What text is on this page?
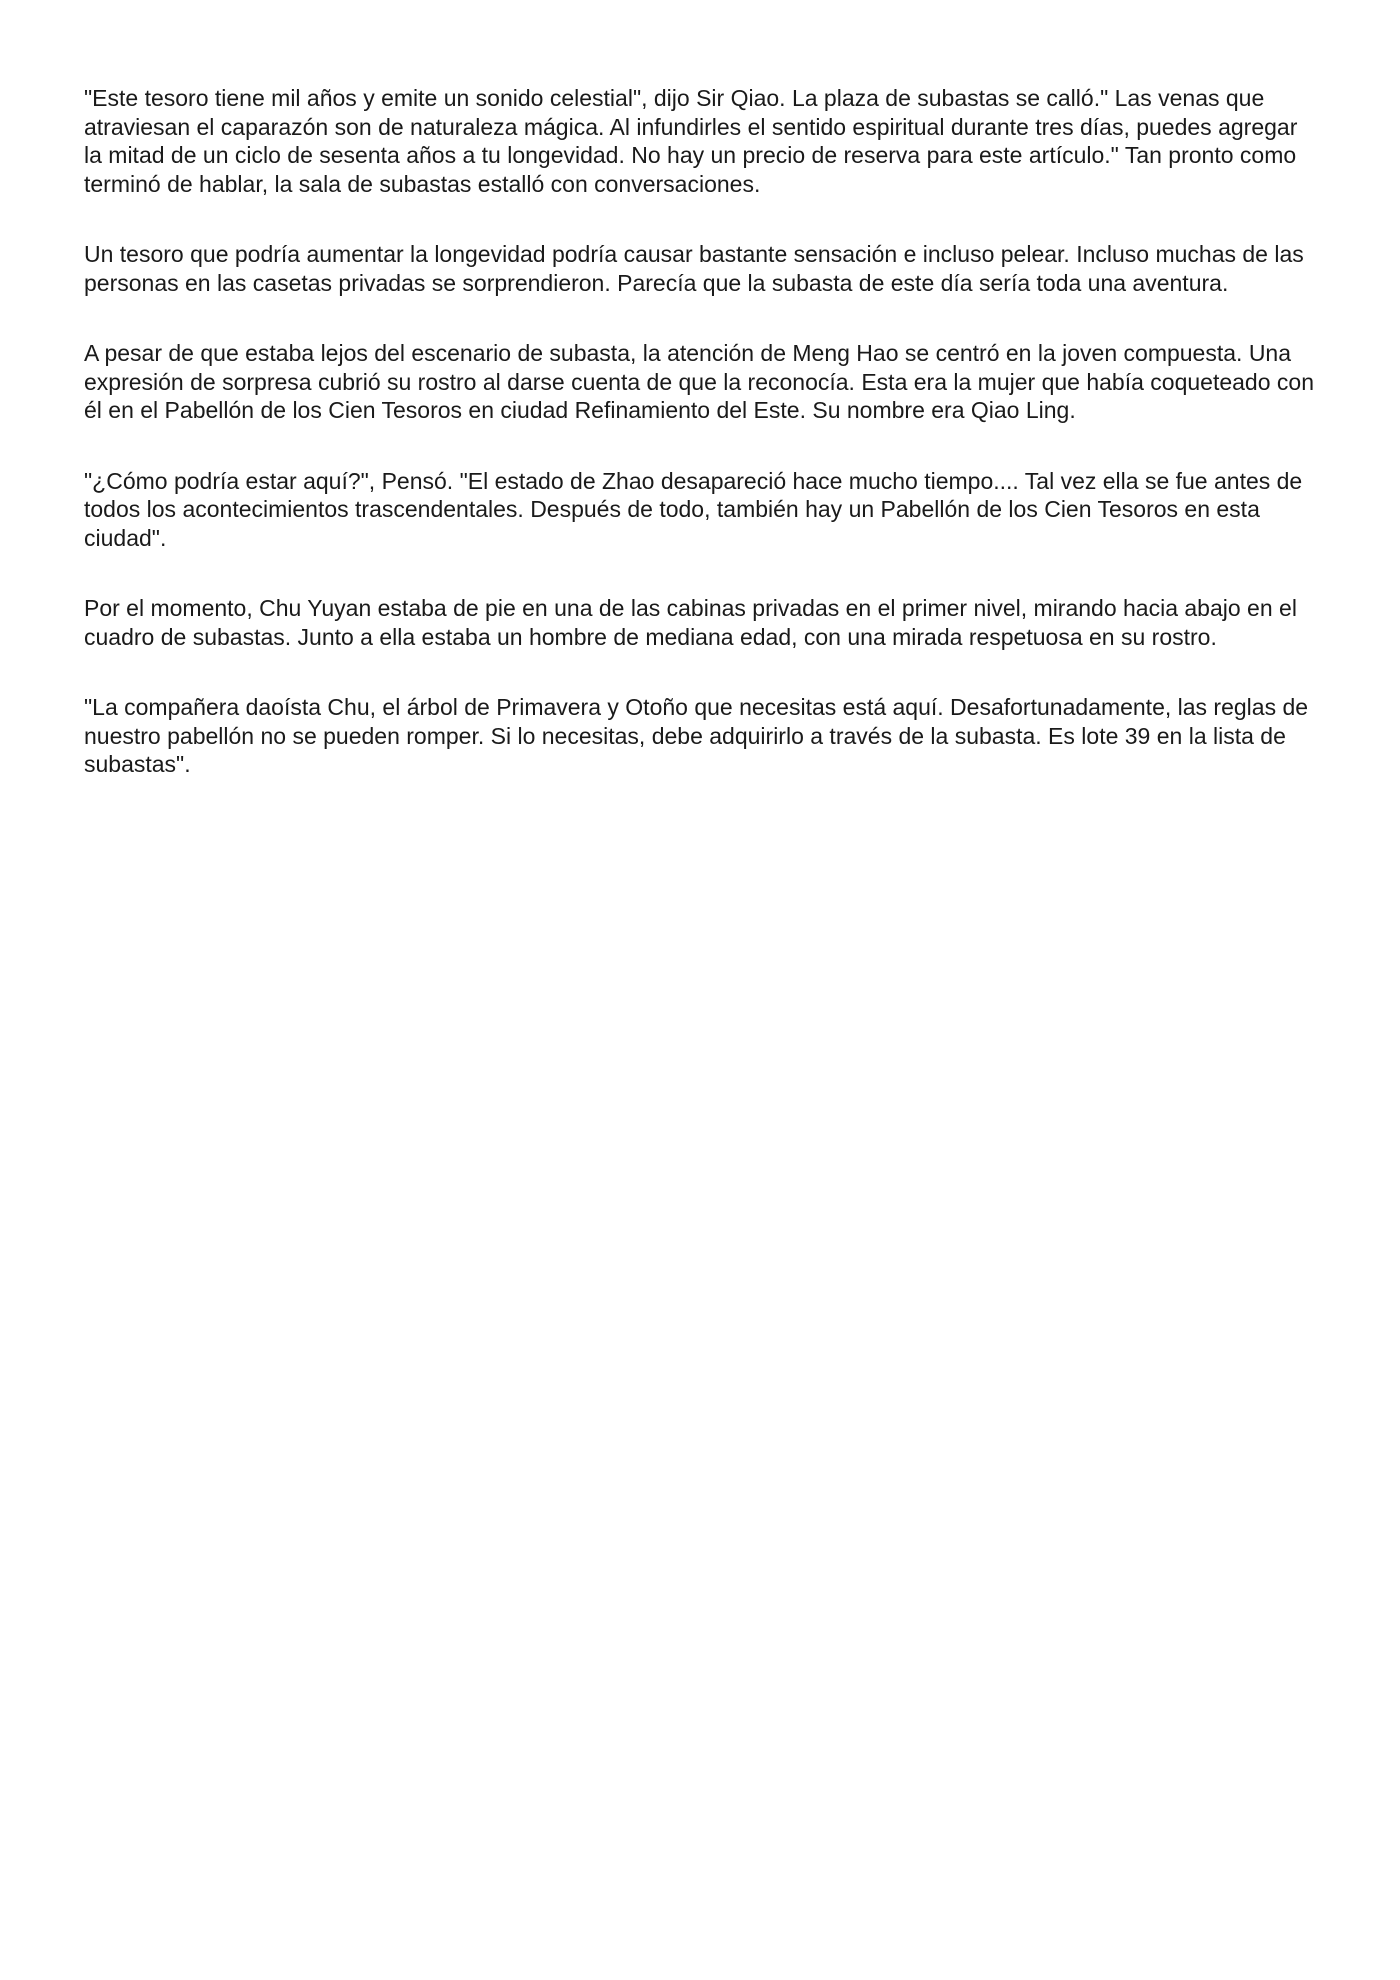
"Este tesoro tiene mil años y emite un sonido celestial", dijo Sir Qiao. La plaza de subastas se calló." Las venas que atraviesan el caparazón son de naturaleza mágica. Al infundirles el sentido espiritual durante tres días, puedes agregar la mitad de un ciclo de sesenta años a tu longevidad. No hay un precio de reserva para este artículo." Tan pronto como terminó de hablar, la sala de subastas estalló con conversaciones.

Un tesoro que podría aumentar la longevidad podría causar bastante sensación e incluso pelear. Incluso muchas de las personas en las casetas privadas se sorprendieron. Parecía que la subasta de este día sería toda una aventura.

A pesar de que estaba lejos del escenario de subasta, la atención de Meng Hao se centró en la joven compuesta. Una expresión de sorpresa cubrió su rostro al darse cuenta de que la reconocía. Esta era la mujer que había coqueteado con él en el Pabellón de los Cien Tesoros en ciudad Refinamiento del Este. Su nombre era Qiao Ling.

"¿Cómo podría estar aquí?", Pensó. "El estado de Zhao desapareció hace mucho tiempo.... Tal vez ella se fue antes de todos los acontecimientos trascendentales. Después de todo, también hay un Pabellón de los Cien Tesoros en esta ciudad".

Por el momento, Chu Yuyan estaba de pie en una de las cabinas privadas en el primer nivel, mirando hacia abajo en el cuadro de subastas. Junto a ella estaba un hombre de mediana edad, con una mirada respetuosa en su rostro.

"La compañera daoísta Chu, el árbol de Primavera y Otoño que necesitas está aquí. Desafortunadamente, las reglas de nuestro pabellón no se pueden romper. Si lo necesitas, debe adquirirlo a través de la subasta. Es lote 39 en la lista de subastas".
